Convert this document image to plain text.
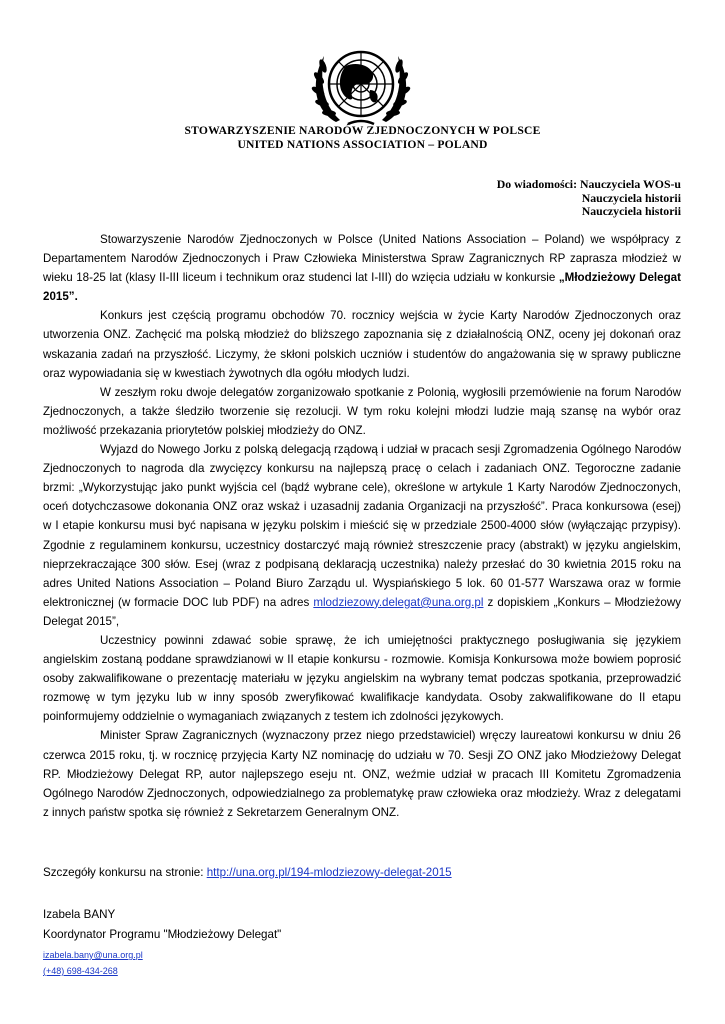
STOWARZYSZENIE NARODÓW ZJEDNOCZONYCH W POLSCE
UNITED NATIONS ASSOCIATION – POLAND
Do wiadomości: Nauczyciela WOS-u
Nauczyciela historii
Nauczyciela historii

Stowarzyszenie Narodów Zjednoczonych w Polsce (United Nations Association – Poland) we współpracy z Departamentem Narodów Zjednoczonych i Praw Człowieka Ministerstwa Spraw Zagranicznych RP zaprasza młodzież w wieku 18-25 lat (klasy II-III liceum i technikum oraz studenci lat I-III) do wzięcia udziału w konkursie „Młodzieżowy Delegat 2015”.

Konkurs jest częścią programu obchodów 70. rocznicy wejścia w życie Karty Narodów Zjednoczonych oraz utworzenia ONZ. Zachęcić ma polską młodzież do bliższego zapoznania się z działalnością ONZ, oceny jej dokonań oraz wskazania zadań na przyszłość. Liczymy, że skłoni polskich uczniów i studentów do angażowania się w sprawy publiczne oraz wypowiadania się w kwestiach żywotnych dla ogółu młodych ludzi.

W zeszłym roku dwoje delegatów zorganizowało spotkanie z Polonią, wygłosili przemówienie na forum Narodów Zjednoczonych, a także śledziło tworzenie się rezolucji. W tym roku kolejni młodzi ludzie mają szansę na wybór oraz możliwość przekazania priorytetów polskiej młodzieży do ONZ.

Wyjazd do Nowego Jorku z polską delegacją rządową i udział w pracach sesji Zgromadzenia Ogólnego Narodów Zjednoczonych to nagroda dla zwycięzcy konkursu na najlepszą pracę o celach i zadaniach ONZ. Tegoroczne zadanie brzmi: „Wykorzystując jako punkt wyjścia cel (bądź wybrane cele), określone w artykule 1 Karty Narodów Zjednoczonych, oceń dotychczasowe dokonania ONZ oraz wskaż i uzasadnij zadania Organizacji na przyszłość”. Praca konkursowa (esej) w I etapie konkursu musi być napisana w języku polskim i mieścić się w przedziale 2500-4000 słów (wyłączając przypisy). Zgodnie z regulaminem konkursu, uczestnicy dostarczyć mają również streszczenie pracy (abstrakt) w języku angielskim, nieprzekraczające 300 słów. Esej (wraz z podpisaną deklaracją uczestnika) należy przesłać do 30 kwietnia 2015 roku na adres United Nations Association – Poland Biuro Zarządu ul. Wyspiańskiego 5 lok. 60 01-577 Warszawa oraz w formie elektronicznej (w formacie DOC lub PDF) na adres mlodziezowy.delegat@una.org.pl z dopiskiem „Konkurs – Młodzieżowy Delegat 2015”,

Uczestnicy powinni zdawać sobie sprawę, że ich umiejętności praktycznego posługiwania się językiem angielskim zostaną poddane sprawdzianowi w II etapie konkursu - rozmowie. Komisja Konkursowa może bowiem poprosić osoby zakwalifikowane o prezentację materiału w języku angielskim na wybrany temat podczas spotkania, przeprowadzić rozmowę w tym języku lub w inny sposób zweryfikować kwalifikacje kandydata. Osoby zakwalifikowane do II etapu poinformujemy oddzielnie o wymaganiach związanych z testem ich zdolności językowych.

Minister Spraw Zagranicznych (wyznaczony przez niego przedstawiciel) wręczy laureatowi konkursu w dniu 26 czerwca 2015 roku, tj. w rocznicę przyjęcia Karty NZ nominację do udziału w 70. Sesji ZO ONZ jako Młodzieżowy Delegat RP. Młodzieżowy Delegat RP, autor najlepszego eseju nt. ONZ, weźmie udział w pracach III Komitetu Zgromadzenia Ogólnego Narodów Zjednoczonych, odpowiedzialnego za problematykę praw człowieka oraz młodzieży. Wraz z delegatami z innych państw spotka się również z Sekretarzem Generalnym ONZ.

Szczegóły konkursu na stronie: http://una.org.pl/194-mlodziezowy-delegat-2015
Izabela BANY
Koordynator Programu "Młodzieżowy Delegat"
izabela.bany@una.org.pl
(+48) 698-434-268
